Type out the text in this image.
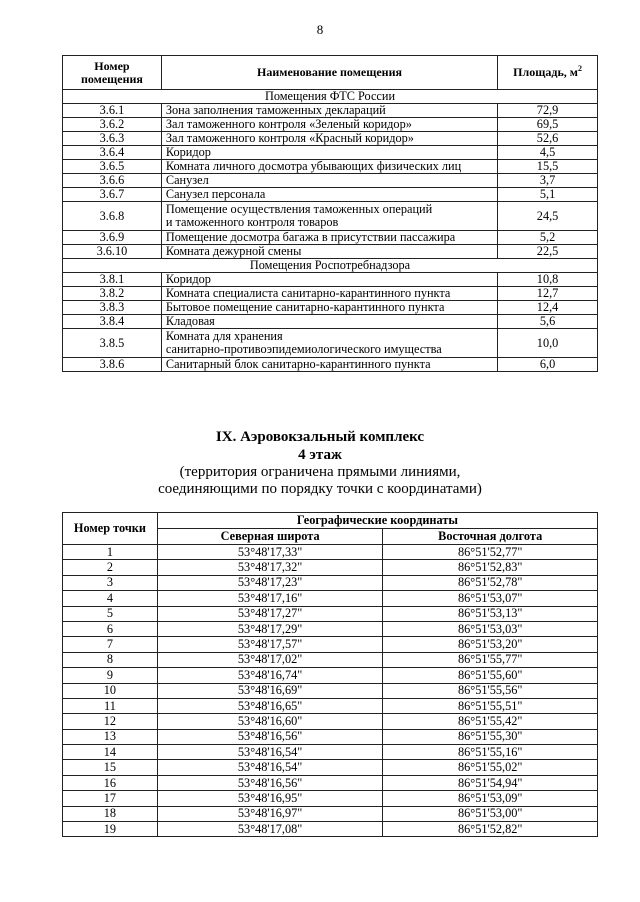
8
Номер помещения	Наименование помещения	Площадь, $м^2$
Помещения ФТС России		
3.6.1	Зона заполнения таможенных деклараций	72,9
3.6.2	Зал таможенного контроля «Зеленый коридор»	69,5
3.6.3	Зал таможенного контроля «Красный коридор»	52,6
3.6.4	Коридор	4,5
3.6.5	Комната личного досмотра убывающих физических лиц	15,5
3.6.6	Санузел	3,7
3.6.7	Санузел персонала	5,1
3.6.8	Помещение осуществления таможенных операций
и таможенного контроля товаров	24,5
3.6.9	Помещение досмотра багажа в присутствии пассажира	5,2
3.6.10	Комната дежурной смены	22,5
Помещения Роспотребнадзора		
3.8.1	Коридор	10,8
3.8.2	Комната специалиста санитарно-карантинного пункта	12,7
3.8.3	Бытовое помещение санитарно-карантинного пункта	12,4
3.8.4	Кладовая	5,6
3.8.5	Комната для хранения
санитарно-противоэпидемиологического имущества	10,0
3.8.6	Санитарный блок санитарно-карантинного пункта	6,0
IX. Аэровокзальный комплекс
4 этаж
(территория ограничена прямыми линиями,
соединяющими по порядку точки с координатами)
Номер точки	Географические координаты	
	Северная широта	Восточная долгота
1	53°48'17,33"	86°51'52,77"
2	53°48'17,32"	86°51'52,83"
3	53°48'17,23"	86°51'52,78"
4	53°48'17,16"	86°51'53,07"
5	53°48'17,27"	86°51'53,13"
6	53°48'17,29"	86°51'53,03"
7	53°48'17,57"	86°51'53,20"
8	53°48'17,02"	86°51'55,77"
9	53°48'16,74"	86°51'55,60"
10	53°48'16,69"	86°51'55,56"
11	53°48'16,65"	86°51'55,51"
12	53°48'16,60"	86°51'55,42"
13	53°48'16,56"	86°51'55,30"
14	53°48'16,54"	86°51'55,16"
15	53°48'16,54"	86°51'55,02"
16	53°48'16,56"	86°51'54,94"
17	53°48'16,95"	86°51'53,09"
18	53°48'16,97"	86°51'53,00"
19	53°48'17,08"	86°51'52,82"
